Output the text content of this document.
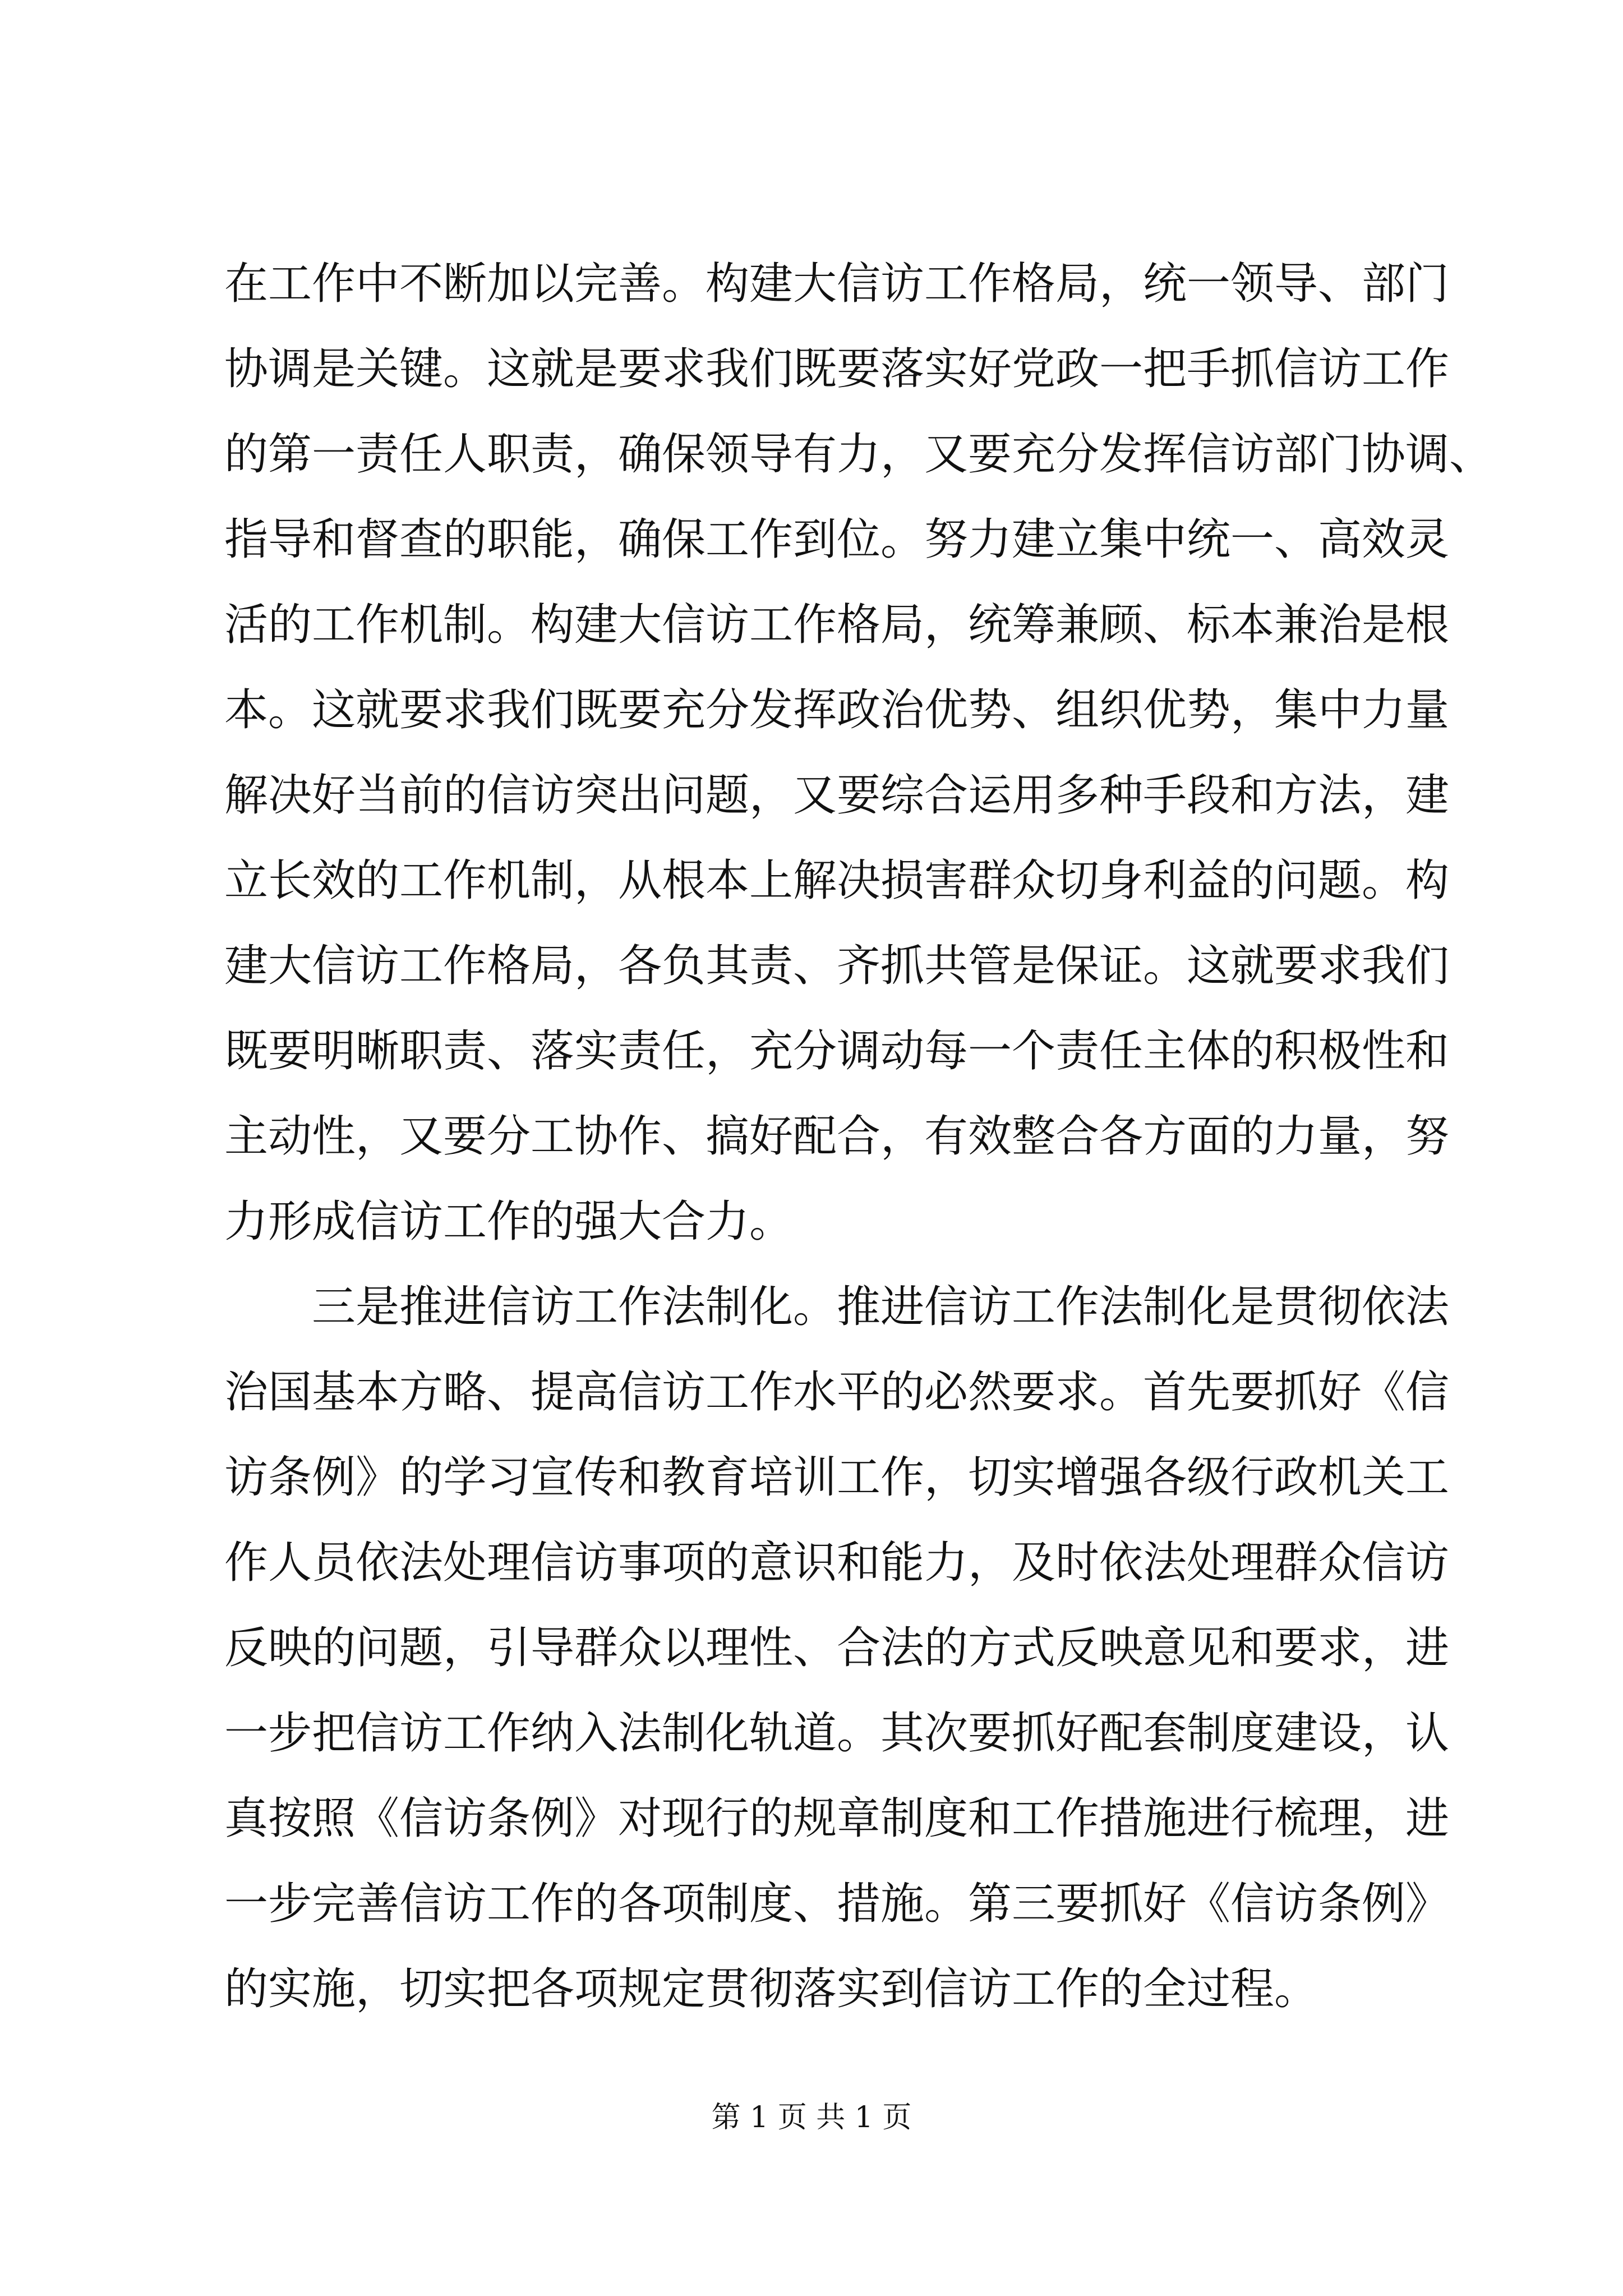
在工作中不断加以完善。构建大信访工作格局，统一领导、部门
协调是关键。这就是要求我们既要落实好党政一把手抓信访工作
的第一责任人职责，确保领导有力，又要充分发挥信访部门协调、
指导和督查的职能，确保工作到位。努力建立集中统一、高效灵
活的工作机制。构建大信访工作格局，统筹兼顾、标本兼治是根
本。这就要求我们既要充分发挥政治优势、组织优势，集中力量
解决好当前的信访突出问题，又要综合运用多种手段和方法，建
立长效的工作机制，从根本上解决损害群众切身利益的问题。构
建大信访工作格局，各负其责、齐抓共管是保证。这就要求我们
既要明晰职责、落实责任，充分调动每一个责任主体的积极性和
主动性，又要分工协作、搞好配合，有效整合各方面的力量，努
力形成信访工作的强大合力。
三是推进信访工作法制化。推进信访工作法制化是贯彻依法
治国基本方略、提高信访工作水平的必然要求。首先要抓好《信
访条例》的学习宣传和教育培训工作，切实增强各级行政机关工
作人员依法处理信访事项的意识和能力，及时依法处理群众信访
反映的问题，引导群众以理性、合法的方式反映意见和要求，进
一步把信访工作纳入法制化轨道。其次要抓好配套制度建设，认
真按照《信访条例》对现行的规章制度和工作措施进行梳理，进
一步完善信访工作的各项制度、措施。第三要抓好《信访条例》
的实施，切实把各项规定贯彻落实到信访工作的全过程。
第 1 页 共 1 页
